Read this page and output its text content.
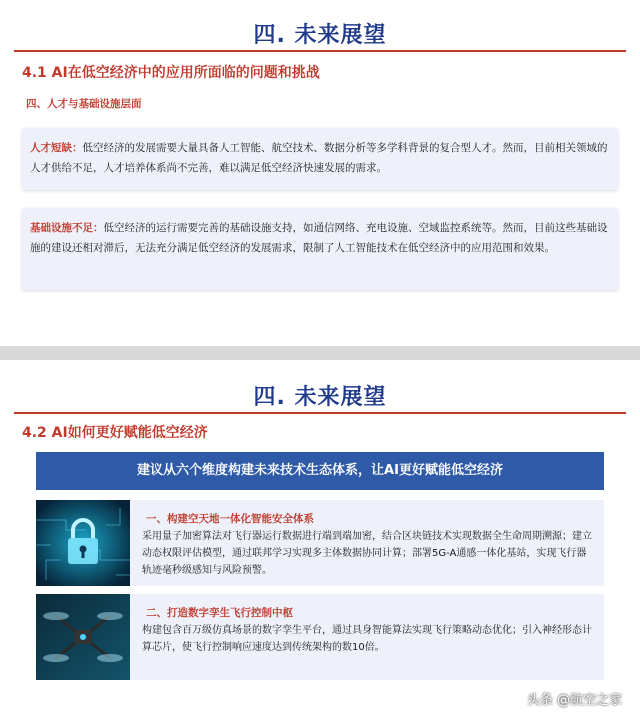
四. 未来展望
4.1 AI在低空经济中的应用所面临的问题和挑战
四、人才与基础设施层面
人才短缺：低空经济的发展需要大量具备人工智能、航空技术、数据分析等多学科背景的复合型人才。然而，目前相关领域的人才供给不足，人才培养体系尚不完善，难以满足低空经济快速发展的需求。
基础设施不足：低空经济的运行需要完善的基础设施支持，如通信网络、充电设施、空域监控系统等。然而，目前这些基础设施的建设还相对滞后，无法充分满足低空经济的发展需求，限制了人工智能技术在低空经济中的应用范围和效果。
四. 未来展望
4.2 AI如何更好赋能低空经济
建议从六个维度构建未来技术生态体系，让AI更好赋能低空经济
一、构建空天地一体化智能安全体系
采用量子加密算法对飞行器运行数据进行端到端加密，结合区块链技术实现数据全生命周期溯源；建立动态权限评估模型，通过联邦学习实现多主体数据协同计算；部署5G-A通感一体化基站，实现飞行器轨迹毫秒级感知与风险预警。
二、打造数字孪生飞行控制中枢
构建包含百万级仿真场景的数字孪生平台，通过具身智能算法实现飞行策略动态优化；引入神经形态计算芯片，使飞行控制响应速度达到传统架构的数10倍。
头条 @航空之家
